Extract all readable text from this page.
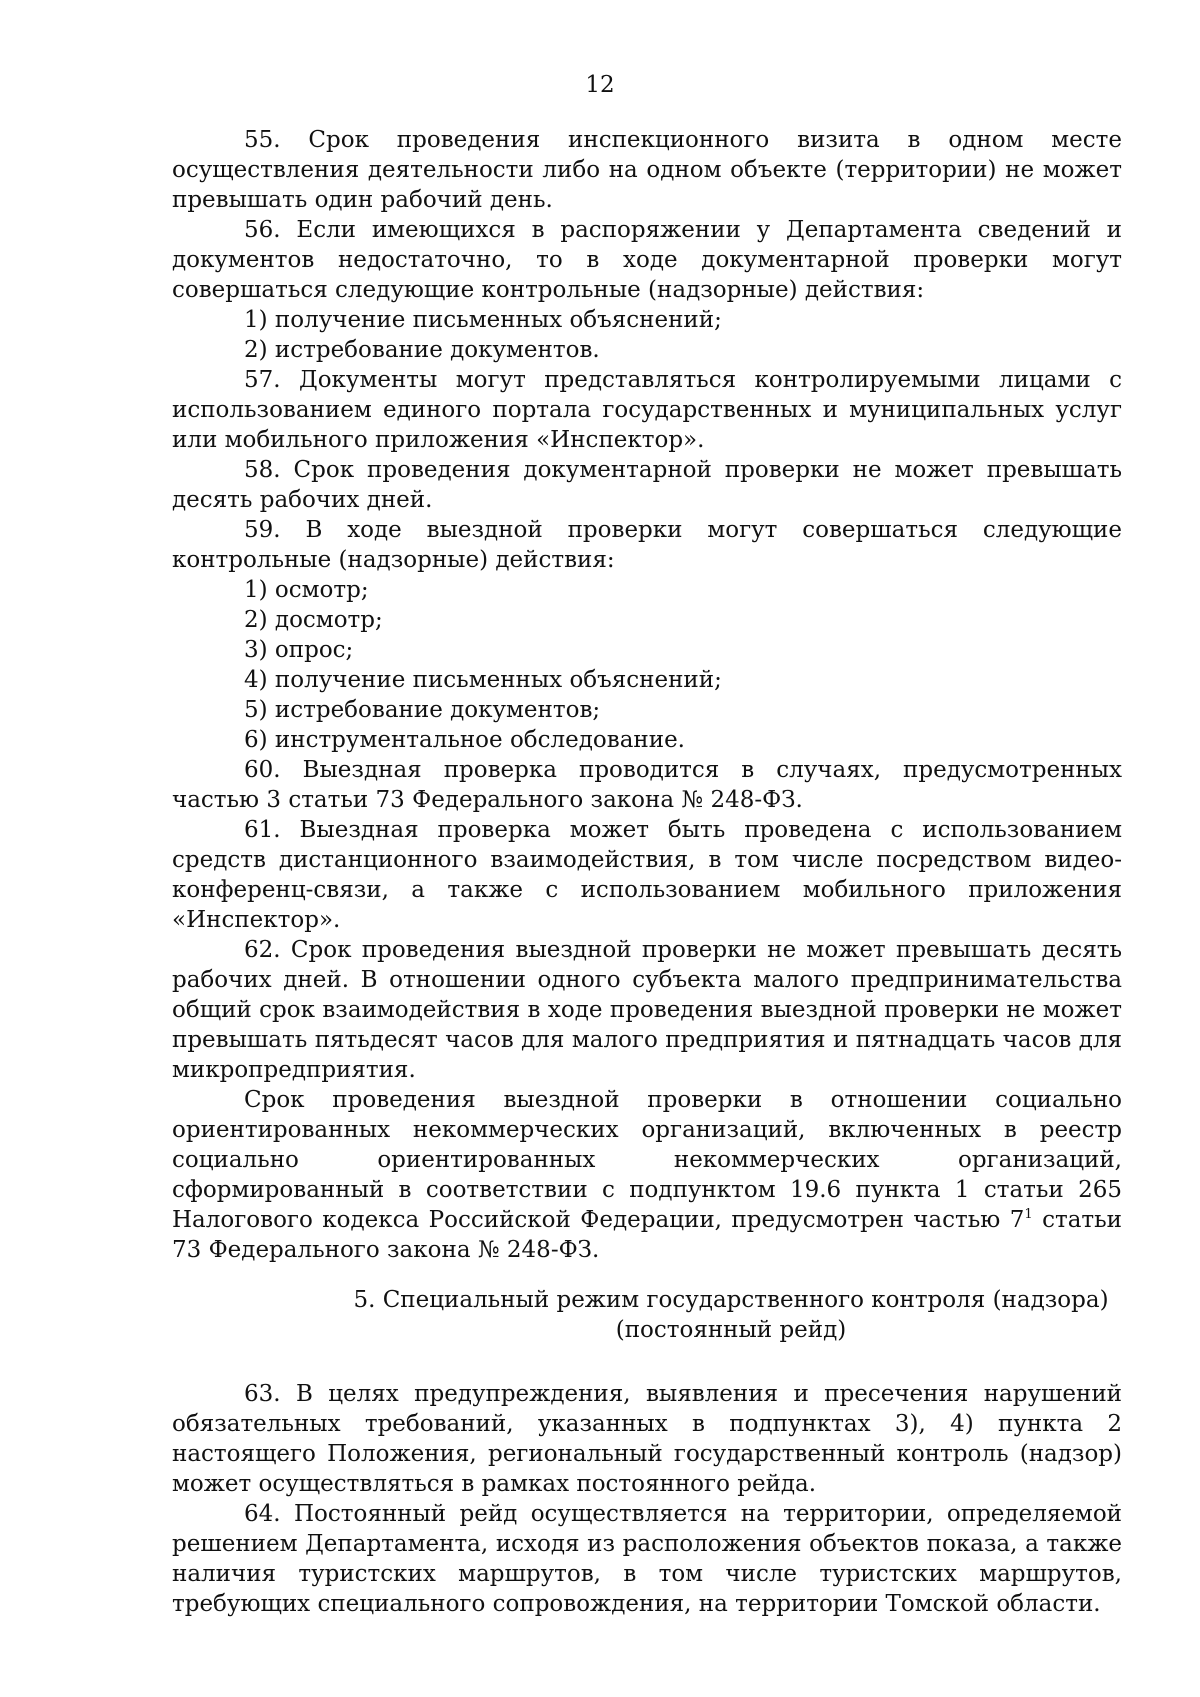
12

55. Срок проведения инспекционного визита в одном месте осуществления деятельности либо на одном объекте (территории) не может превышать один рабочий день.

56. Если имеющихся в распоряжении у Департамента сведений и документов недостаточно, то в ходе документарной проверки могут совершаться следующие контрольные (надзорные) действия:

1) получение письменных объяснений;

2) истребование документов.

57. Документы могут представляться контролируемыми лицами с использованием единого портала государственных и муниципальных услуг или мобильного приложения «Инспектор».

58. Срок проведения документарной проверки не может превышать десять рабочих дней.

59. В ходе выездной проверки могут совершаться следующие контрольные (надзорные) действия:

1) осмотр;

2) досмотр;

3) опрос;

4) получение письменных объяснений;

5) истребование документов;

6) инструментальное обследование.

60. Выездная проверка проводится в случаях, предусмотренных частью 3 статьи 73 Федерального закона № 248-ФЗ.

61. Выездная проверка может быть проведена с использованием средств дистанционного взаимодействия, в том числе посредством видео-конференц-связи, а также с использованием мобильного приложения «Инспектор».

62. Срок проведения выездной проверки не может превышать десять рабочих дней. В отношении одного субъекта малого предпринимательства общий срок взаимодействия в ходе проведения выездной проверки не может превышать пятьдесят часов для малого предприятия и пятнадцать часов для микропредприятия.

Срок проведения выездной проверки в отношении социально ориентированных некоммерческих организаций, включенных в реестр социально ориентированных некоммерческих организаций, сформированный в соответствии с подпунктом 19.6 пункта 1 статьи 265 Налогового кодекса Российской Федерации, предусмотрен частью $7^1$ статьи 73 Федерального закона № 248-ФЗ.

5. Специальный режим государственного контроля (надзора)
(постоянный рейд)

63. В целях предупреждения, выявления и пресечения нарушений обязательных требований, указанных в подпунктах 3), 4) пункта 2 настоящего Положения, региональный государственный контроль (надзор) может осуществляться в рамках постоянного рейда.

64. Постоянный рейд осуществляется на территории, определяемой решением Департамента, исходя из расположения объектов показа, а также наличия туристских маршрутов, в том числе туристских маршрутов, требующих специального сопровождения, на территории Томской области.
